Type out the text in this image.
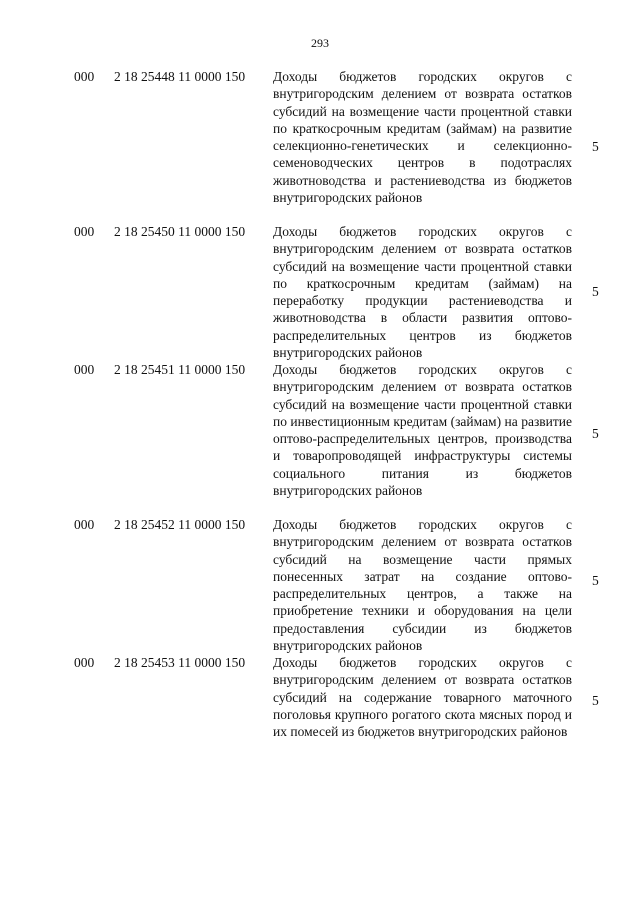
293
000 2 18 25448 11 0000 150 Доходы бюджетов городских округов с внутригородским делением от возврата остатков субсидий на возмещение части процентной ставки по краткосрочным кредитам (займам) на развитие селекционно-генетических и селекционно-семеноводческих центров в подотраслях животноводства и растениеводства из бюджетов внутригородских районов
5
000 2 18 25450 11 0000 150 Доходы бюджетов городских округов с внутригородским делением от возврата остатков субсидий на возмещение части процентной ставки по краткосрочным кредитам (займам) на переработку продукции растениеводства и животноводства в области развития оптово-распределительных центров из бюджетов внутригородских районов
5
000 2 18 25451 11 0000 150 Доходы бюджетов городских округов с внутригородским делением от возврата остатков субсидий на возмещение части процентной ставки по инвестиционным кредитам (займам) на развитие оптово-распределительных центров, производства и товаропроводящей инфраструктуры системы социального питания из бюджетов внутригородских районов
5
000 2 18 25452 11 0000 150 Доходы бюджетов городских округов с внутригородским делением от возврата остатков субсидий на возмещение части прямых понесенных затрат на создание оптово-распределительных центров, а также на приобретение техники и оборудования на цели предоставления субсидии из бюджетов внутригородских районов
5
000 2 18 25453 11 0000 150 Доходы бюджетов городских округов с внутригородским делением от возврата остатков субсидий на содержание товарного маточного поголовья крупного рогатого скота мясных пород и их помесей из бюджетов внутригородских районов
5
